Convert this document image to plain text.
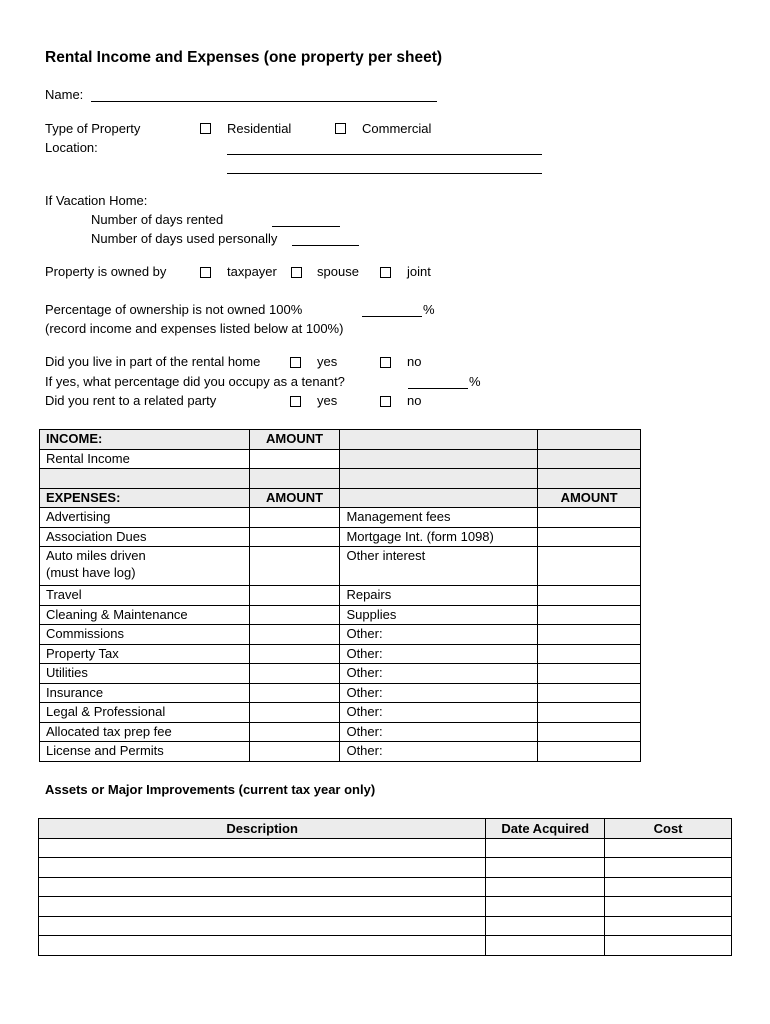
Rental Income and Expenses (one property per sheet)
Name:
Type of Property	Residential	Commercial
Location:
If Vacation Home:
Number of days rented
Number of days used personally
Property is owned by	taxpayer	spouse	joint
Percentage of ownership is not owned 100%	%
(record income and expenses listed below at 100%)
Did you live in part of the rental home	yes	no
If yes, what percentage did you occupy as a tenant?	%
Did you rent to a related party	yes	no
INCOME:	AMOUNT		
Rental Income			

EXPENSES:	AMOUNT		AMOUNT
Advertising		Management fees	
Association Dues		Mortgage Int. (form 1098)	
Auto miles driven
(must have log)		Other interest	
Travel		Repairs	
Cleaning & Maintenance		Supplies	
Commissions		Other:	
Property Tax		Other:	
Utilities		Other:	
Insurance		Other:	
Legal & Professional		Other:	
Allocated tax prep fee		Other:	
License and Permits		Other:	
Assets or Major Improvements (current tax year only)
Description	Date Acquired	Cost
